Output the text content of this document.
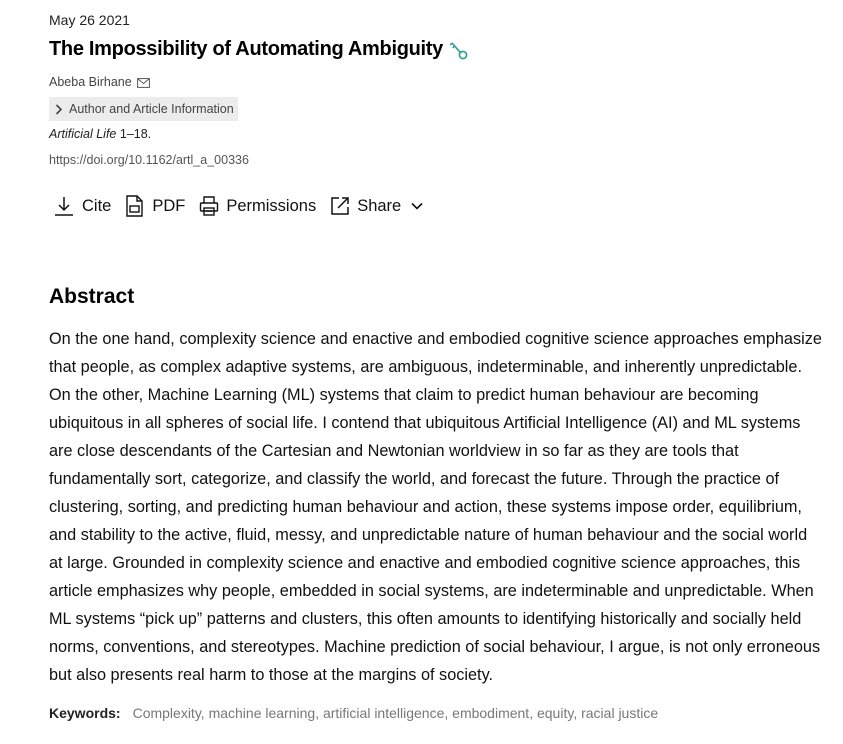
May 26 2021
The Impossibility of Automating Ambiguity
Abeba Birhane
Author and Article Information
Artificial Life 1–18.
https://doi.org/10.1162/artl_a_00336
Cite PDF Permissions Share
Abstract

On the one hand, complexity science and enactive and embodied cognitive science approaches emphasize that people, as complex adaptive systems, are ambiguous, indeterminable, and inherently unpredictable. On the other, Machine Learning (ML) systems that claim to predict human behaviour are becoming ubiquitous in all spheres of social life. I contend that ubiquitous Artificial Intelligence (AI) and ML systems are close descendants of the Cartesian and Newtonian worldview in so far as they are tools that fundamentally sort, categorize, and classify the world, and forecast the future. Through the practice of clustering, sorting, and predicting human behaviour and action, these systems impose order, equilibrium, and stability to the active, fluid, messy, and unpredictable nature of human behaviour and the social world at large. Grounded in complexity science and enactive and embodied cognitive science approaches, this article emphasizes why people, embedded in social systems, are indeterminable and unpredictable. When ML systems “pick up” patterns and clusters, this often amounts to identifying historically and socially held norms, conventions, and stereotypes. Machine prediction of social behaviour, I argue, is not only erroneous but also presents real harm to those at the margins of society.

Keywords: Complexity, machine learning, artificial intelligence, embodiment, equity, racial justice
